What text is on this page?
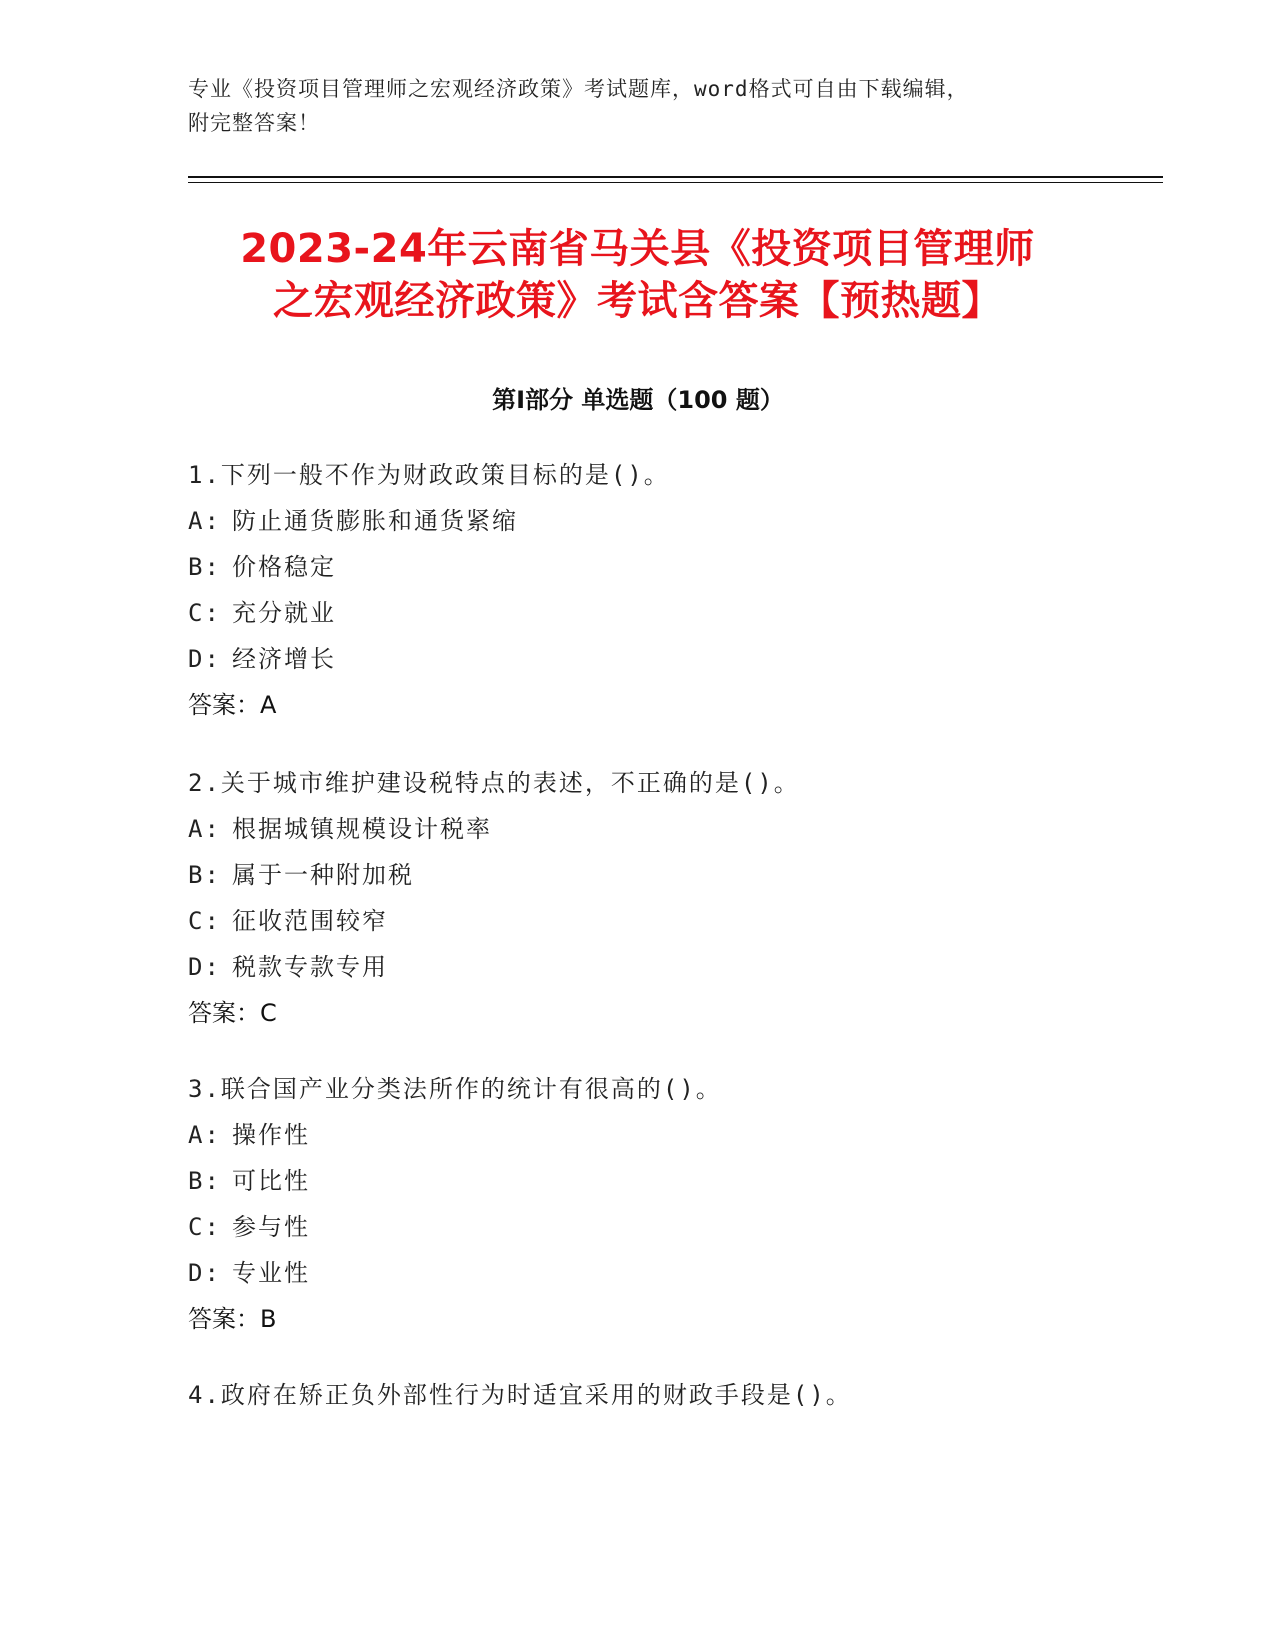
专业《投资项目管理师之宏观经济政策》考试题库，word格式可自由下载编辑，
附完整答案！
2023-24年云南省马关县《投资项目管理师
之宏观经济政策》考试含答案【预热题】
第Ⅰ部分 单选题（100 题）
1.下列一般不作为财政政策目标的是()。
A: 防止通货膨胀和通货紧缩
B: 价格稳定
C: 充分就业
D: 经济增长
答案：A
2.关于城市维护建设税特点的表述，不正确的是()。
A: 根据城镇规模设计税率
B: 属于一种附加税
C: 征收范围较窄
D: 税款专款专用
答案：C
3.联合国产业分类法所作的统计有很高的()。
A: 操作性
B: 可比性
C: 参与性
D: 专业性
答案：B
4.政府在矫正负外部性行为时适宜采用的财政手段是()。
